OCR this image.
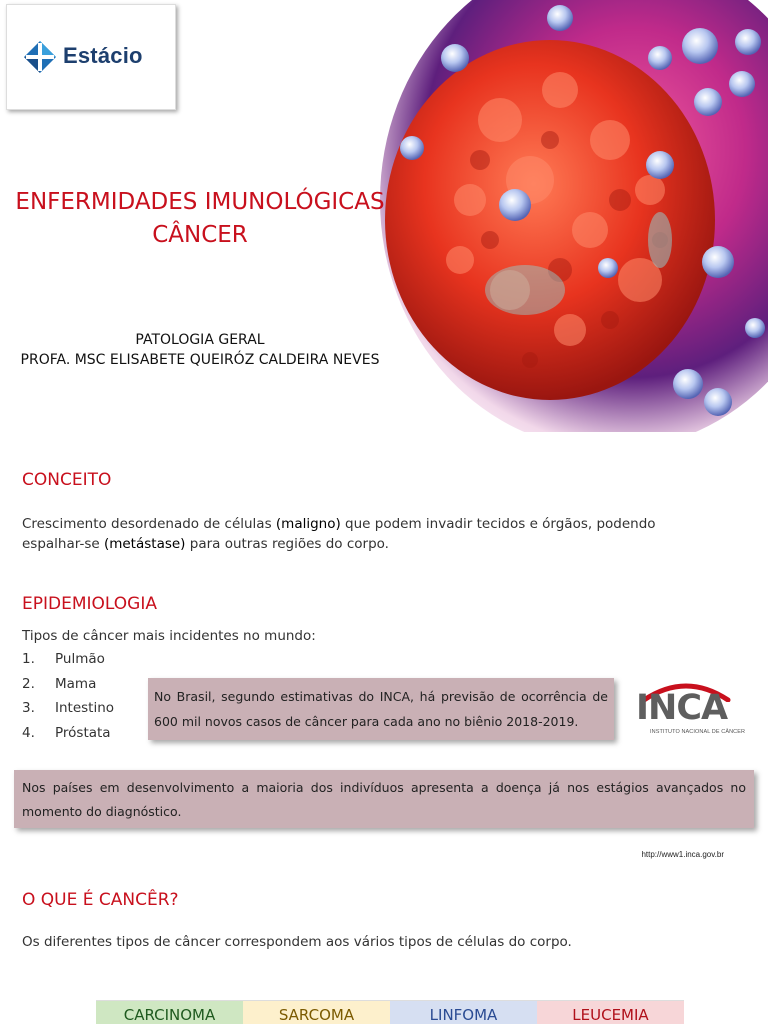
Estácio
ENFERMIDADES IMUNOLÓGICAS
CÂNCER
PATOLOGIA GERAL
PROFA. MSC ELISABETE QUEIRÓZ CALDEIRA NEVES
CONCEITO

Crescimento desordenado de células (maligno) que podem invadir tecidos e órgãos, podendo espalhar-se (metástase) para outras regiões do corpo.

EPIDEMIOLOGIA

Tipos de câncer mais incidentes no mundo:

1.	Pulmão
2.	Mama
3.	Intestino
4.	Próstata
No Brasil, segundo estimativas do INCA, há previsão de ocorrência de 600 mil novos casos de câncer para cada ano no biênio 2018-2019.	INCA
INSTITUTO NACIONAL DE CÂNCER
Nos países em desenvolvimento a maioria dos indivíduos apresenta a doença já nos estágios avançados no momento do diagnóstico.
http://www1.inca.gov.br
O QUE É CANCÊR?

Os diferentes tipos de câncer correspondem aos vários tipos de células do corpo.

CARCINOMA	SARCOMA	LINFOMA	LEUCEMIA
